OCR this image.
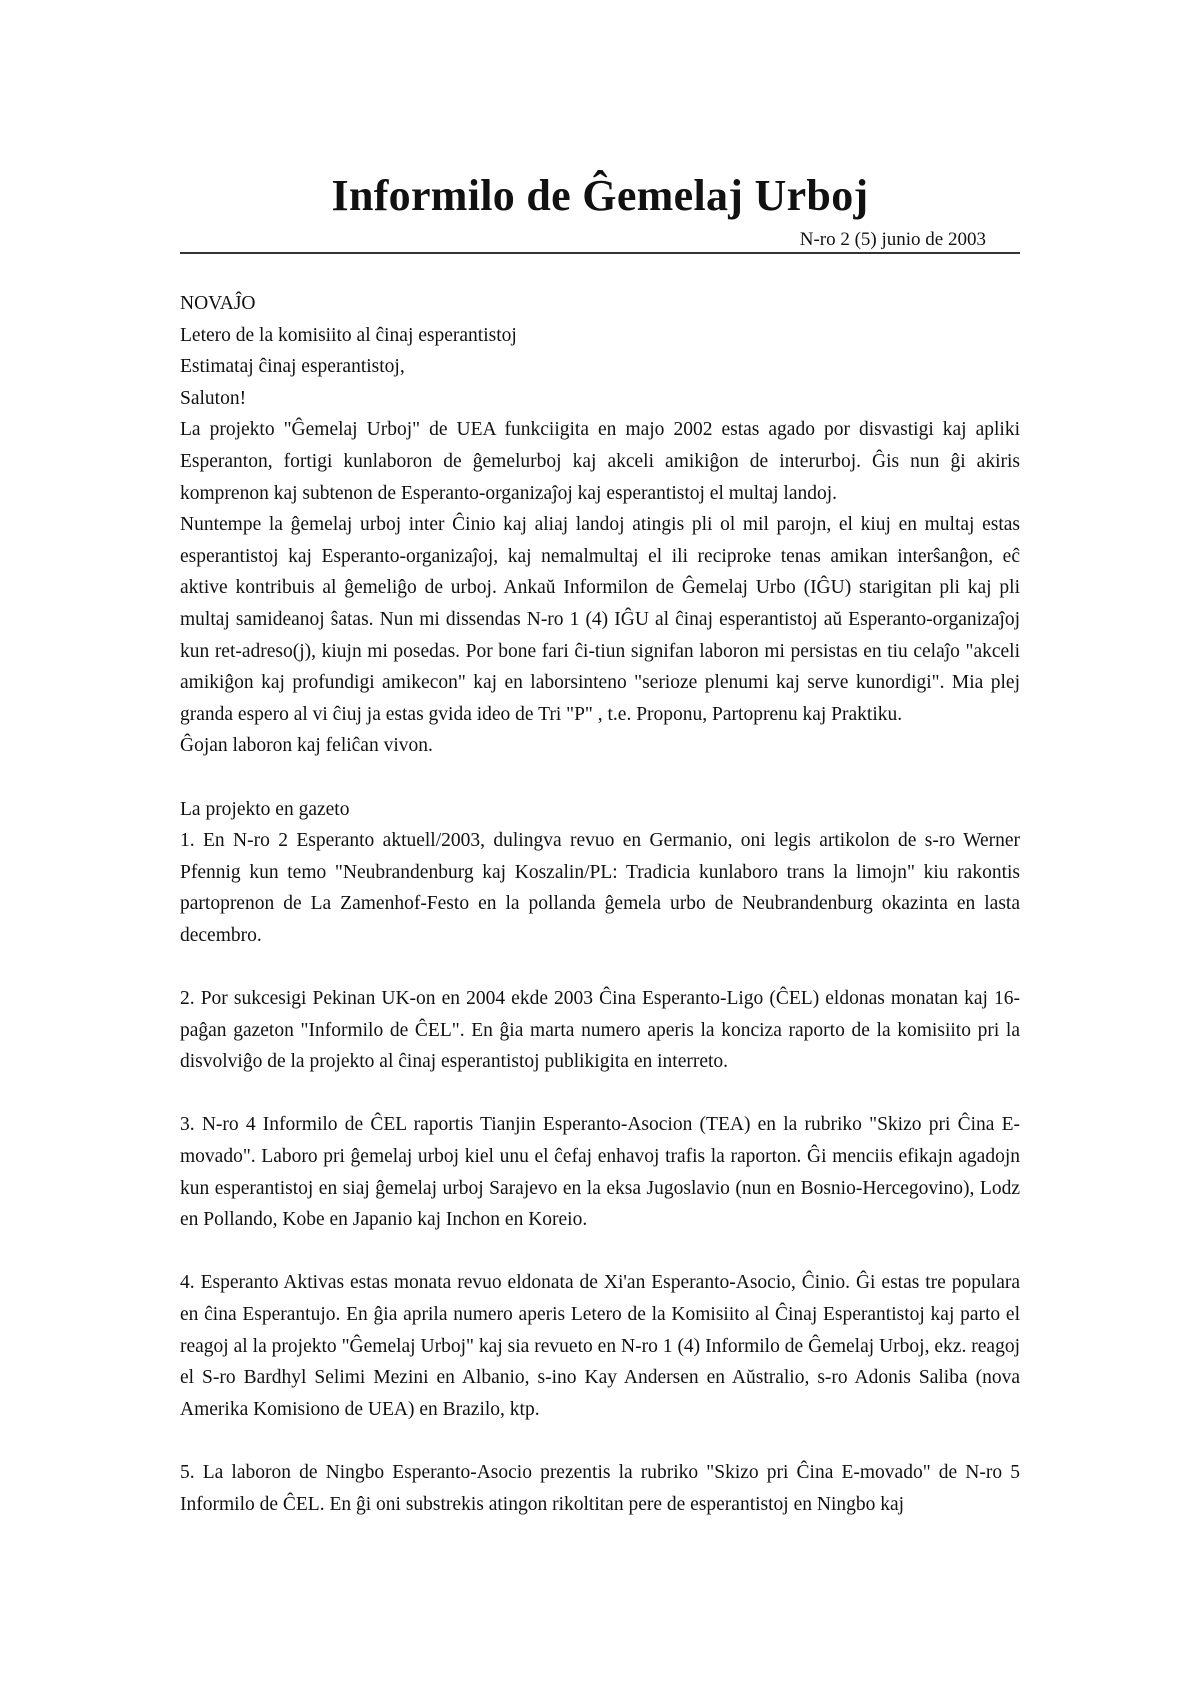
Informilo de Ĝemelaj Urboj
N-ro 2 (5) junio de 2003

NOVAĴO

Letero de la komisiito al ĉinaj esperantistoj

Estimataj ĉinaj esperantistoj,

Saluton!

La projekto "Ĝemelaj Urboj" de UEA funkciigita en majo 2002 estas agado por disvastigi kaj apliki Esperanton, fortigi kunlaboron de ĝemelurboj kaj akceli amikiĝon de interurboj. Ĝis nun ĝi akiris komprenon kaj subtenon de Esperanto-organizaĵoj kaj esperantistoj el multaj landoj.

Nuntempe la ĝemelaj urboj inter Ĉinio kaj aliaj landoj atingis pli ol mil parojn, el kiuj en multaj estas esperantistoj kaj Esperanto-organizaĵoj, kaj nemalmultaj el ili reciproke tenas amikan interŝanĝon, eĉ aktive kontribuis al ĝemeliĝo de urboj. Ankaŭ Informilon de Ĝemelaj Urbo (IĜU) starigitan pli kaj pli multaj samideanoj ŝatas. Nun mi dissendas N-ro 1 (4) IĜU al ĉinaj esperantistoj aŭ Esperanto-organizaĵoj kun ret-adreso(j), kiujn mi posedas. Por bone fari ĉi-tiun signifan laboron mi persistas en tiu celaĵo "akceli amikiĝon kaj profundigi amikecon" kaj en laborsinteno "serioze plenumi kaj serve kunordigi". Mia plej granda espero al vi ĉiuj ja estas gvida ideo de Tri "P" , t.e. Proponu, Partoprenu kaj Praktiku.

Ĝojan laboron kaj feliĉan vivon.

La projekto en gazeto

1. En N-ro 2 Esperanto aktuell/2003, dulingva revuo en Germanio, oni legis artikolon de s-ro Werner Pfennig kun temo "Neubrandenburg kaj Koszalin/PL: Tradicia kunlaboro trans la limojn" kiu rakontis partoprenon de La Zamenhof-Festo en la pollanda ĝemela urbo de Neubrandenburg okazinta en lasta decembro.

2. Por sukcesigi Pekinan UK-on en 2004 ekde 2003 Ĉina Esperanto-Ligo (ĈEL) eldonas monatan kaj 16-paĝan gazeton "Informilo de ĈEL". En ĝia marta numero aperis la konciza raporto de la komisiito pri la disvolviĝo de la projekto al ĉinaj esperantistoj publikigita en interreto.

3. N-ro 4 Informilo de ĈEL raportis Tianjin Esperanto-Asocion (TEA) en la rubriko "Skizo pri Ĉina E-movado". Laboro pri ĝemelaj urboj kiel unu el ĉefaj enhavoj trafis la raporton. Ĝi menciis efikajn agadojn kun esperantistoj en siaj ĝemelaj urboj Sarajevo en la eksa Jugoslavio (nun en Bosnio-Hercegovino), Lodz en Pollando, Kobe en Japanio kaj Inchon en Koreio.

4. Esperanto Aktivas estas monata revuo eldonata de Xi'an Esperanto-Asocio, Ĉinio. Ĝi estas tre populara en ĉina Esperantujo. En ĝia aprila numero aperis Letero de la Komisiito al Ĉinaj Esperantistoj kaj parto el reagoj al la projekto "Ĝemelaj Urboj" kaj sia revueto en N-ro 1 (4) Informilo de Ĝemelaj Urboj, ekz. reagoj el S-ro Bardhyl Selimi Mezini en Albanio, s-ino Kay Andersen en Aŭstralio, s-ro Adonis Saliba (nova Amerika Komisiono de UEA) en Brazilo, ktp.

5. La laboron de Ningbo Esperanto-Asocio prezentis la rubriko "Skizo pri Ĉina E-movado" de N-ro 5 Informilo de ĈEL. En ĝi oni substrekis atingon rikoltitan pere de esperantistoj en Ningbo kaj
